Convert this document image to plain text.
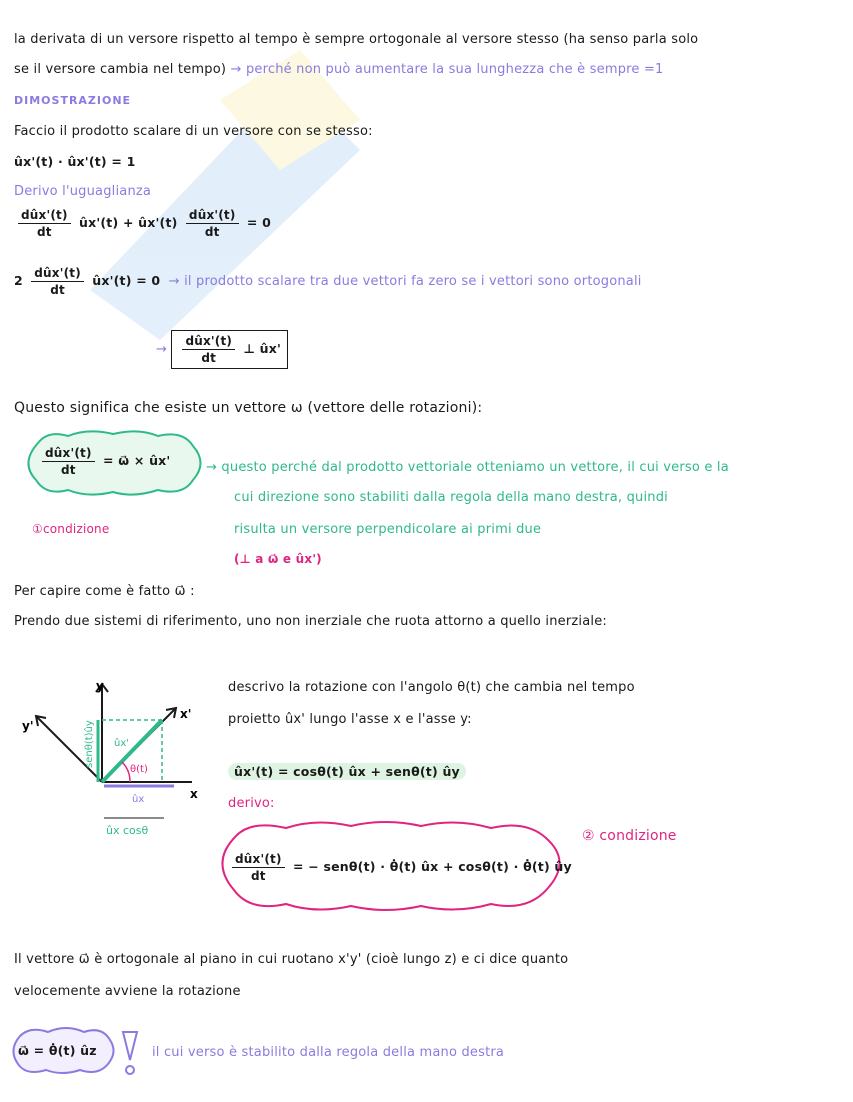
la derivata di un versore rispetto al tempo è sempre ortogonale al versore stesso (ha senso parla solo
se il versore cambia nel tempo) → perché non può aumentare la sua lunghezza che è sempre =1
DIMOSTRAZIONE
Faccio il prodotto scalare di un versore con se stesso:
ûx'(t) · ûx'(t) = 1
Derivo l'uguaglianza
$\frac{\text{dûx'(t)}}{dt}$ ûx'(t) + ûx'(t) $\frac{\text{dûx'(t)}}{dt} = 0$
$2 \frac{\text{dûx'(t)}}{dt}$ ûx'(t) = 0 → il prodotto scalare tra due vettori fa zero se i vettori sono ortogonali
→ $\frac{\text{dûx'(t)}}{dt}$ ⊥ ûx'
Questo significa che esiste un vettore ω (vettore delle rotazioni):
$\frac{\text{dûx'(t)}}{dt}$ = ω⃗ × ûx'
①condizione
→ questo perché dal prodotto vettoriale otteniamo un vettore, il cui verso e la
cui direzione sono stabiliti dalla regola della mano destra, quindi
risulta un versore perpendicolare ai primi due
(⊥ a ω⃗ e ûx')
Per capire come è fatto ω⃗ :
Prendo due sistemi di riferimento, uno non inerziale che ruota attorno a quello inerziale:
y
x
x'
y'
ûx'
θ(t)
ûx
senθ(t)ûy
ûx cosθ
descrivo la rotazione con l'angolo θ(t) che cambia nel tempo
proietto ûx' lungo l'asse x e l'asse y:
ûx'(t) = cosθ(t) ûx + senθ(t) ûy
derivo:
② condizione
$\frac{\text{dûx'(t)}}{dt}$ = − senθ(t) · θ̇(t) ûx + cosθ(t) · θ̇(t) ûy
Il vettore ω⃗ è ortogonale al piano in cui ruotano x'y' (cioè lungo z) e ci dice quanto
velocemente avviene la rotazione
ω⃗ = θ̇(t) ûz	il cui verso è stabilito dalla regola della mano destra
